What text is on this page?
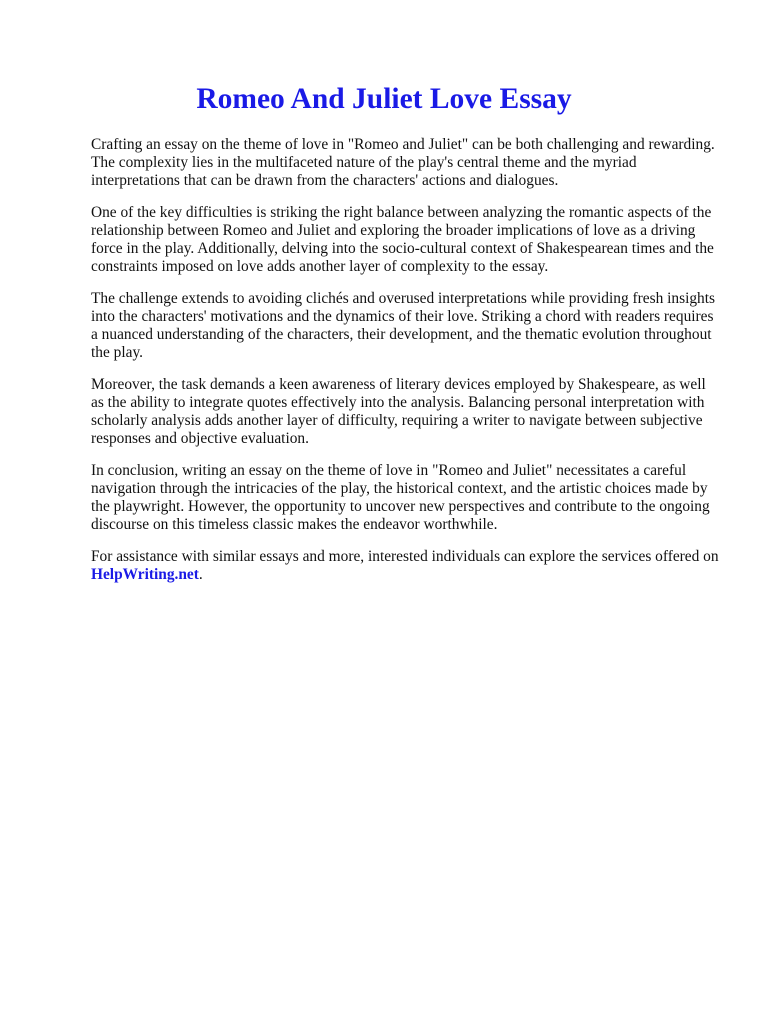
Romeo And Juliet Love Essay

Crafting an essay on the theme of love in "Romeo and Juliet" can be both challenging and rewarding. The complexity lies in the multifaceted nature of the play's central theme and the myriad interpretations that can be drawn from the characters' actions and dialogues.

One of the key difficulties is striking the right balance between analyzing the romantic aspects of the relationship between Romeo and Juliet and exploring the broader implications of love as a driving force in the play. Additionally, delving into the socio-cultural context of Shakespearean times and the constraints imposed on love adds another layer of complexity to the essay.

The challenge extends to avoiding clichés and overused interpretations while providing fresh insights into the characters' motivations and the dynamics of their love. Striking a chord with readers requires a nuanced understanding of the characters, their development, and the thematic evolution throughout the play.

Moreover, the task demands a keen awareness of literary devices employed by Shakespeare, as well as the ability to integrate quotes effectively into the analysis. Balancing personal interpretation with scholarly analysis adds another layer of difficulty, requiring a writer to navigate between subjective responses and objective evaluation.

In conclusion, writing an essay on the theme of love in "Romeo and Juliet" necessitates a careful navigation through the intricacies of the play, the historical context, and the artistic choices made by the playwright. However, the opportunity to uncover new perspectives and contribute to the ongoing discourse on this timeless classic makes the endeavor worthwhile.

For assistance with similar essays and more, interested individuals can explore the services offered on
HelpWriting.net.
